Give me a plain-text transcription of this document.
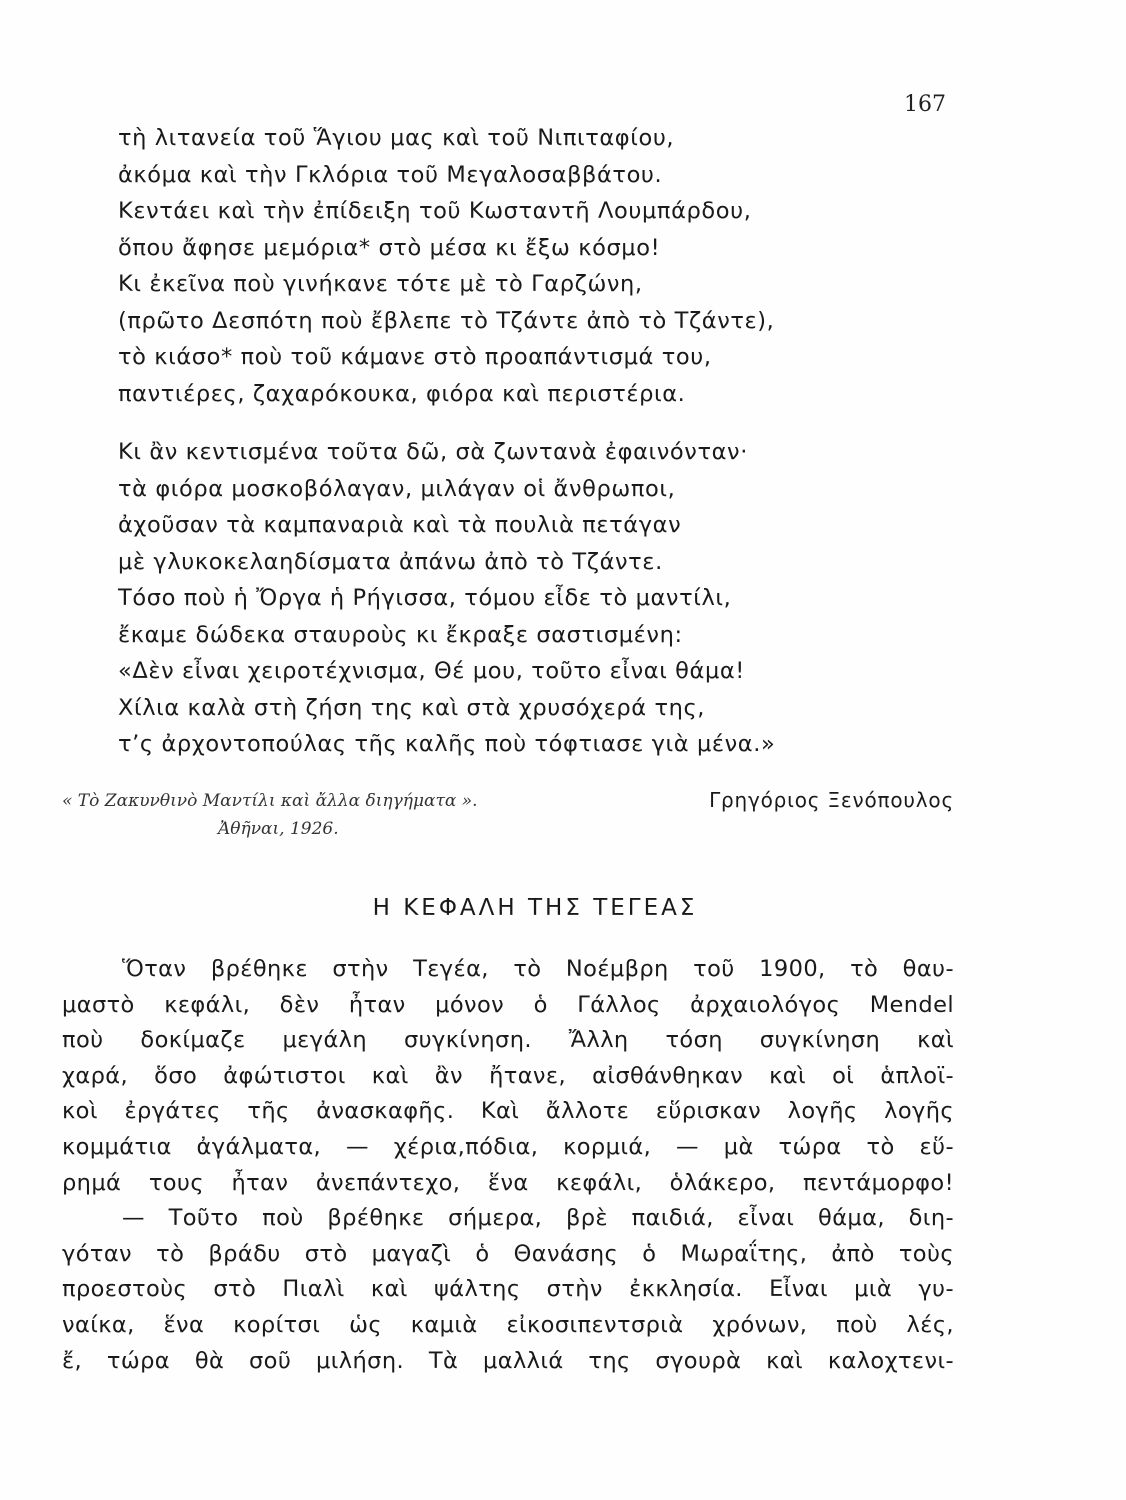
167
τὴ λιτανεία τοῦ Ἅγιου μας καὶ τοῦ Νιπιταφίου,
ἀκόμα καὶ τὴν Γκλόρια τοῦ Μεγαλοσαββάτου.
Κεντάει καὶ τὴν ἐπίδειξη τοῦ Κωσταντῆ Λουμπάρδου,
ὅπου ἄφησε μεμόρια* στὸ μέσα κι ἔξω κόσμο!
Κι ἐκεῖνα ποὺ γινήκανε τότε μὲ τὸ Γαρζώνη,
(πρῶτο Δεσπότη ποὺ ἔβλεπε τὸ Τζάντε ἀπὸ τὸ Τζάντε),
τὸ κιάσο* ποὺ τοῦ κάμανε στὸ προαπάντισμά του,
παντιέρες, ζαχαρόκουκα, φιόρα καὶ περιστέρια.
Κι ἂν κεντισμένα τοῦτα δῶ, σὰ ζωντανὰ ἐφαινόνταν·
τὰ φιόρα μοσκοβόλαγαν, μιλάγαν οἱ ἄνθρωποι,
ἀχοῦσαν τὰ καμπαναριὰ καὶ τὰ πουλιὰ πετάγαν
μὲ γλυκοκελαηδίσματα ἀπάνω ἀπὸ τὸ Τζάντε.
Τόσο ποὺ ἡ Ὄργα ἡ Ρήγισσα, τόμου εἶδε τὸ μαντίλι,
ἔκαμε δώδεκα σταυροὺς κι ἔκραξε σαστισμένη:
«Δὲν εἶναι χειροτέχνισμα, Θέ μου, τοῦτο εἶναι θάμα!
Χίλια καλὰ στὴ ζήση της καὶ στὰ χρυσόχερά της,
τ’ς ἀρχοντοπούλας τῆς καλῆς ποὺ τόφτιασε γιὰ μένα.»
« Τὸ Ζακυνθινὸ Μαντίλι καὶ ἄλλα διηγήματα ».
Ἀθῆναι, 1926.
Γρηγόριος Ξενόπουλος
Η ΚΕΦΑΛΗ ΤΗΣ ΤΕΓΕΑΣ
Ὅταν βρέθηκε στὴν Τεγέα, τὸ Νοέμβρη τοῦ 1900, τὸ θαυ-
μαστὸ κεφάλι, δὲν ἦταν μόνον ὁ Γάλλος ἀρχαιολόγος Mendel
ποὺ δοκίμαζε μεγάλη συγκίνηση. Ἄλλη τόση συγκίνηση καὶ
χαρά, ὅσο ἀφώτιστοι καὶ ἂν ἤτανε, αἰσθάνθηκαν καὶ οἱ ἁπλοϊ-
κοὶ ἐργάτες τῆς ἀνασκαφῆς. Καὶ ἄλλοτε εὕρισκαν λογῆς λογῆς
κομμάτια ἀγάλματα, — χέρια,πόδια, κορμιά, — μὰ τώρα τὸ εὕ-
ρημά τους ἦταν ἀνεπάντεχο, ἕνα κεφάλι, ὁλάκερο, πεντάμορφο!
— Τοῦτο ποὺ βρέθηκε σήμερα, βρὲ παιδιά, εἶναι θάμα, διη-
γόταν τὸ βράδυ στὸ μαγαζὶ ὁ Θανάσης ὁ Μωραΐτης, ἀπὸ τοὺς
προεστοὺς στὸ Πιαλὶ καὶ ψάλτης στὴν ἐκκλησία. Εἶναι μιὰ γυ-
ναίκα, ἕνα κορίτσι ὡς καμιὰ εἰκοσιπεντσριὰ χρόνων, ποὺ λές,
ἔ, τώρα θὰ σοῦ μιλήση. Τὰ μαλλιά της σγουρὰ καὶ καλοχτενι-
